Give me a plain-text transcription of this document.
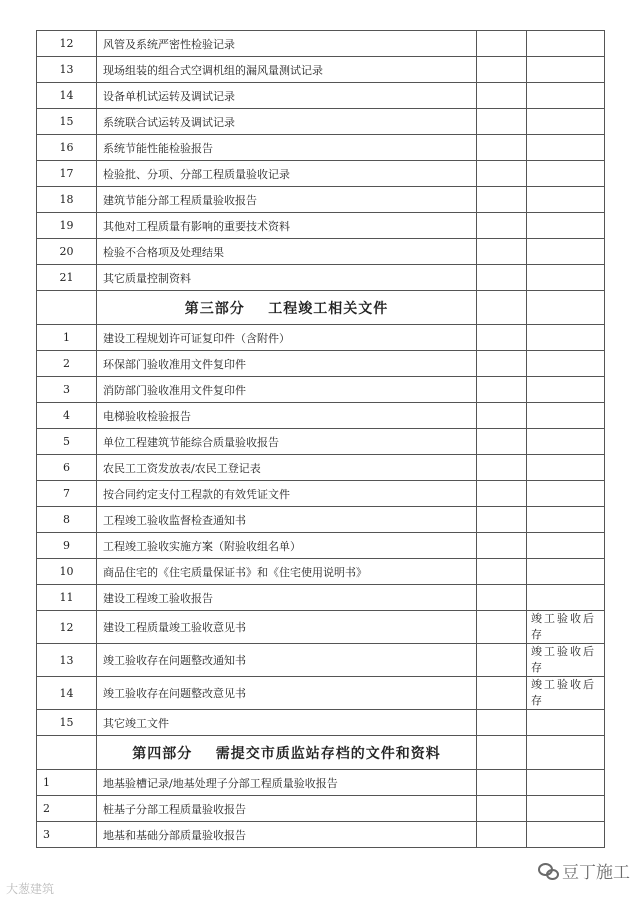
12	风管及系统严密性检验记录		
13	现场组装的组合式空调机组的漏风量测试记录		
14	设备单机试运转及调试记录		
15	系统联合试运转及调试记录		
16	系统节能性能检验报告		
17	检验批、分项、分部工程质量验收记录		
18	建筑节能分部工程质量验收报告		
19	其他对工程质量有影响的重要技术资料		
20	检验不合格项及处理结果		
21	其它质量控制资料		
	第三部分    工程竣工相关文件		
1	建设工程规划许可证复印件（含附件）		
2	环保部门验收准用文件复印件		
3	消防部门验收准用文件复印件		
4	电梯验收检验报告		
5	单位工程建筑节能综合质量验收报告		
6	农民工工资发放表/农民工登记表		
7	按合同约定支付工程款的有效凭证文件		
8	工程竣工验收监督检查通知书		
9	工程竣工验收实施方案（附验收组名单）		
10	商品住宅的《住宅质量保证书》和《住宅使用说明书》		
11	建设工程竣工验收报告		
12	建设工程质量竣工验收意见书		竣工验收后存
13	竣工验收存在问题整改通知书		竣工验收后存
14	竣工验收存在问题整改意见书		竣工验收后存
15	其它竣工文件		
	第四部分    需提交市质监站存档的文件和资料		
1	地基验槽记录/地基处理子分部工程质量验收报告		
2	桩基子分部工程质量验收报告		
3	地基和基础分部质量验收报告		
大葱建筑
豆丁施工
